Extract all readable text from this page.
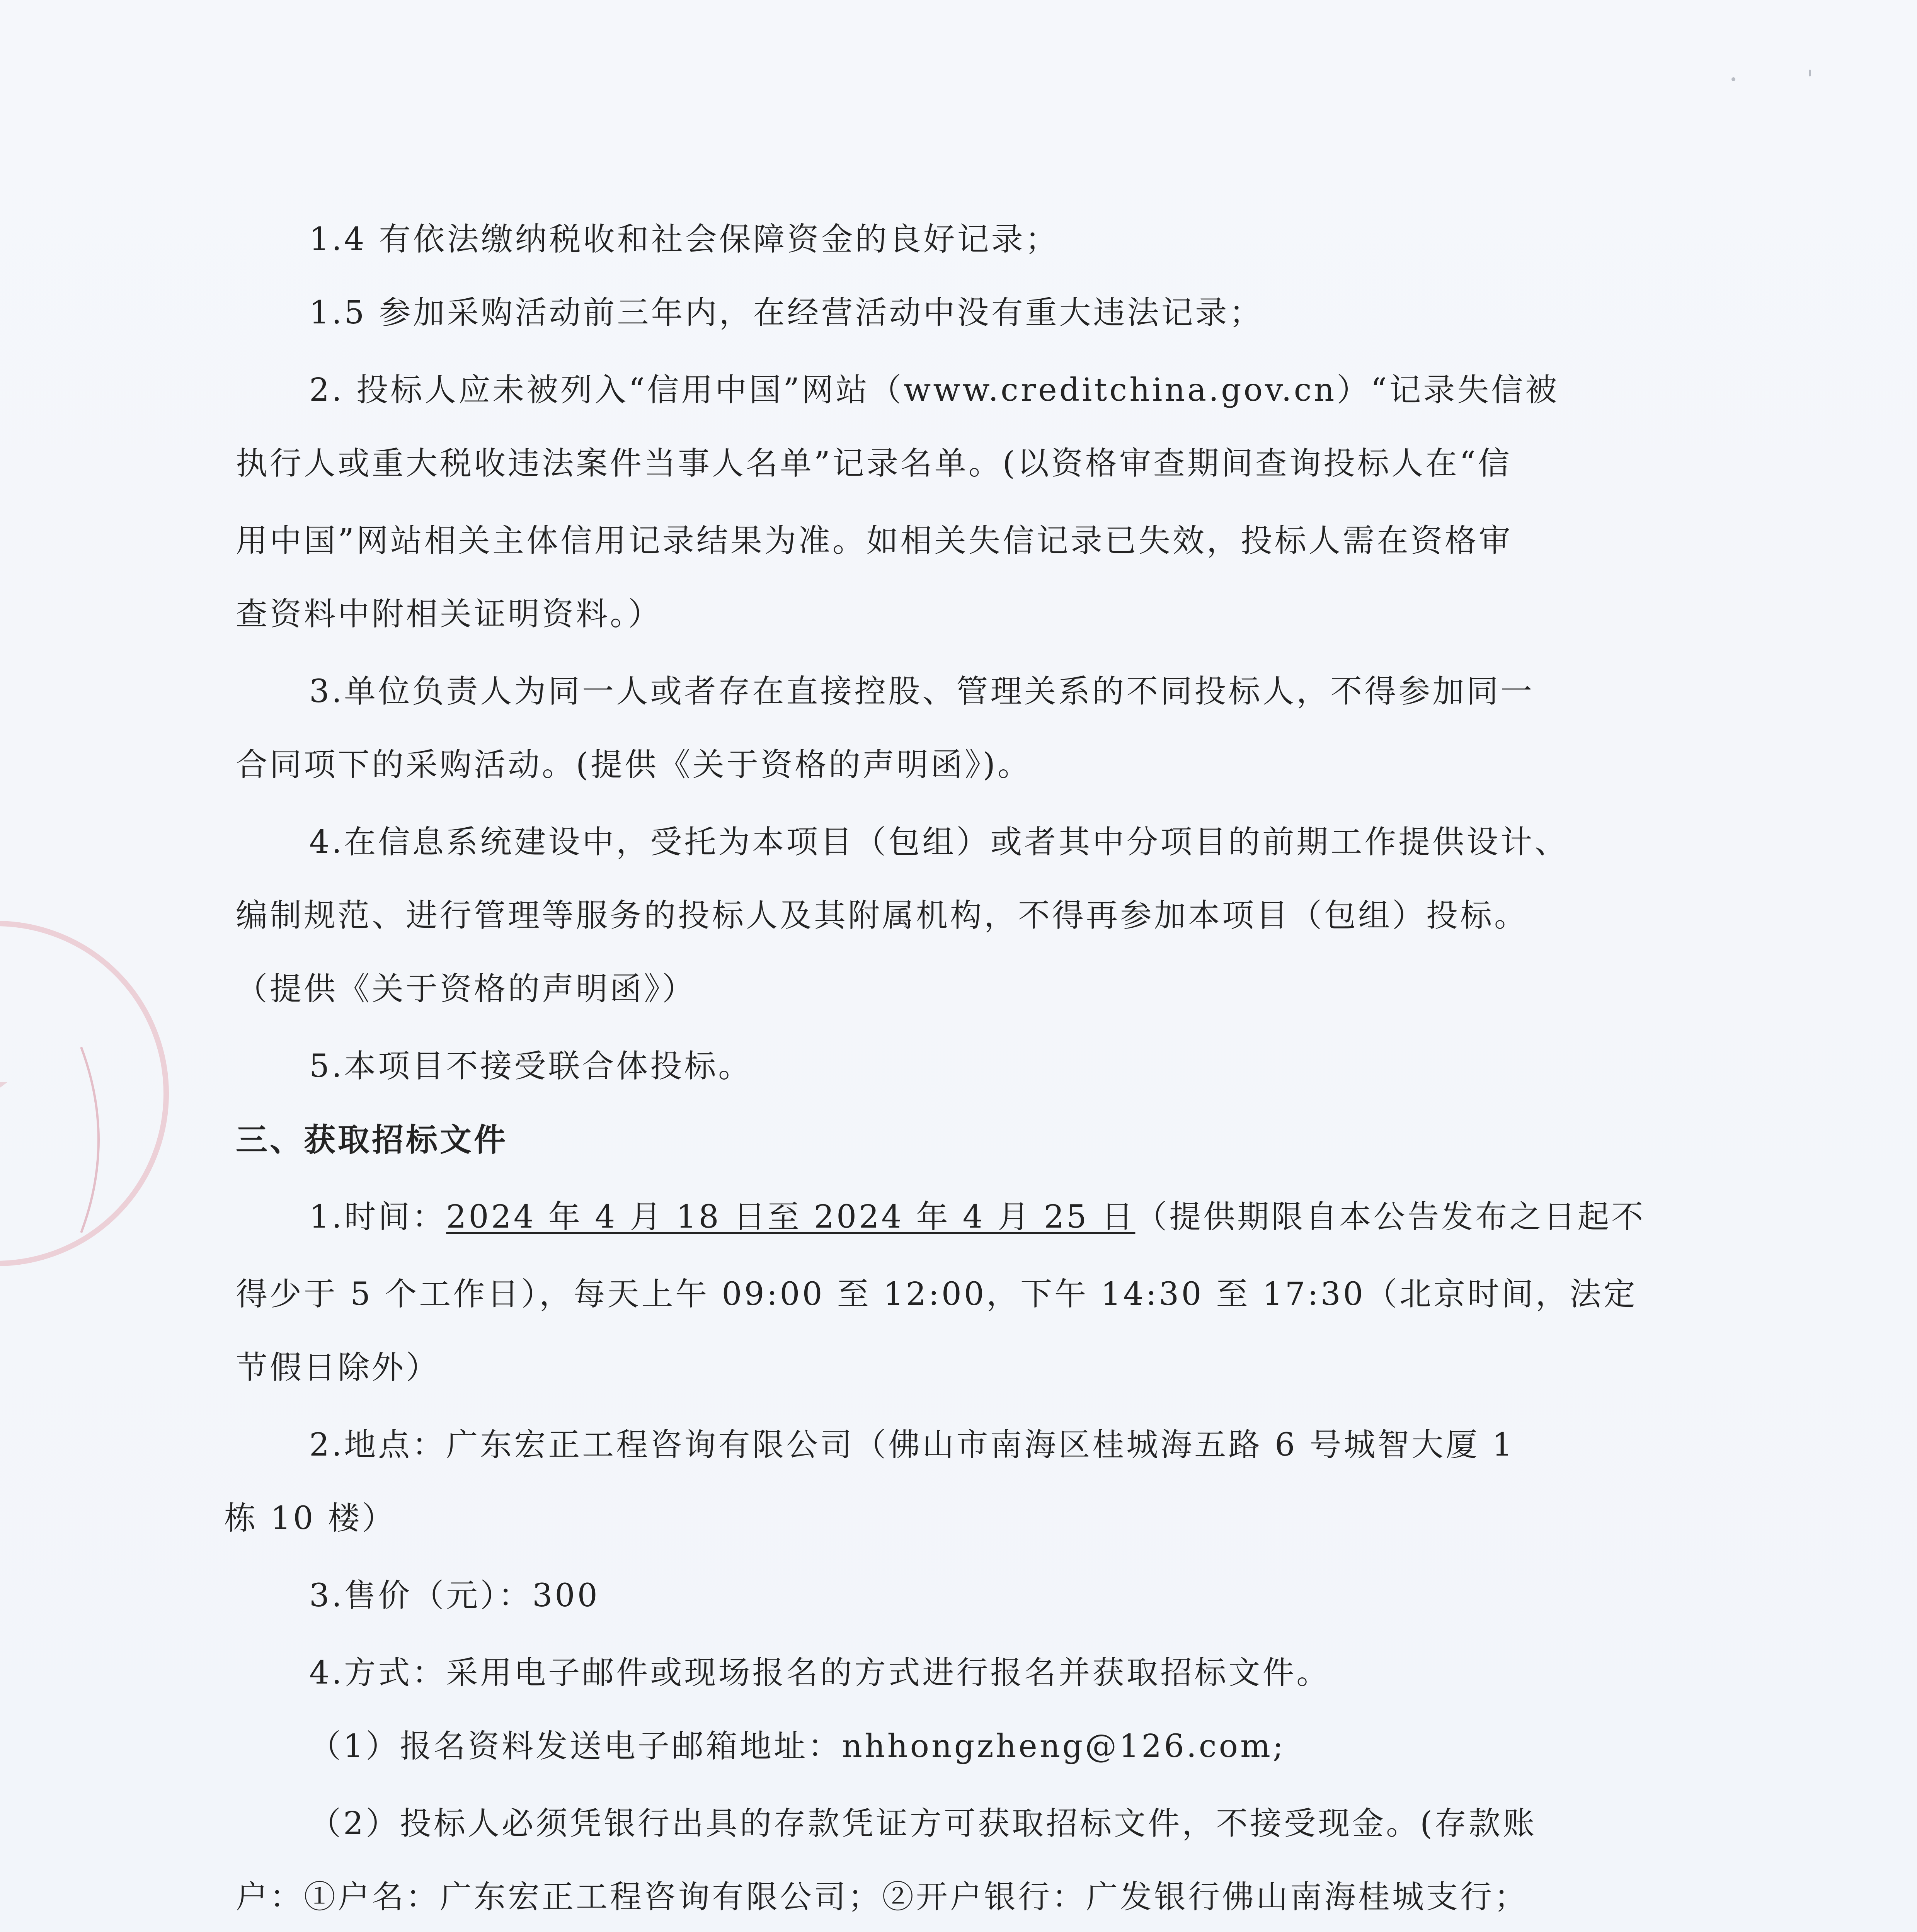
1.4 有依法缴纳税收和社会保障资金的良好记录；
1.5 参加采购活动前三年内，在经营活动中没有重大违法记录；
2. 投标人应未被列入“信用中国”网站（www.creditchina.gov.cn）“记录失信被
执行人或重大税收违法案件当事人名单”记录名单。(以资格审查期间查询投标人在“信
用中国”网站相关主体信用记录结果为准。如相关失信记录已失效，投标人需在资格审
查资料中附相关证明资料。）
3.单位负责人为同一人或者存在直接控股、管理关系的不同投标人，不得参加同一
合同项下的采购活动。(提供《关于资格的声明函》)。
4.在信息系统建设中，受托为本项目（包组）或者其中分项目的前期工作提供设计、
编制规范、进行管理等服务的投标人及其附属机构，不得再参加本项目（包组）投标。
（提供《关于资格的声明函》）
5.本项目不接受联合体投标。
三、获取招标文件
1.时间：2024 年 4 月 18 日至 2024 年 4 月 25 日（提供期限自本公告发布之日起不
得少于 5 个工作日），每天上午 09:00 至 12:00，下午 14:30 至 17:30（北京时间，法定
节假日除外）
2.地点：广东宏正工程咨询有限公司（佛山市南海区桂城海五路 6 号城智大厦 1
栋 10 楼）
3.售价（元）：300
4.方式：采用电子邮件或现场报名的方式进行报名并获取招标文件。
（1）报名资料发送电子邮箱地址：nhhongzheng@126.com;
（2）投标人必须凭银行出具的存款凭证方可获取招标文件，不接受现金。(存款账
户：①户名：广东宏正工程咨询有限公司；②开户银行：广发银行佛山南海桂城支行；
